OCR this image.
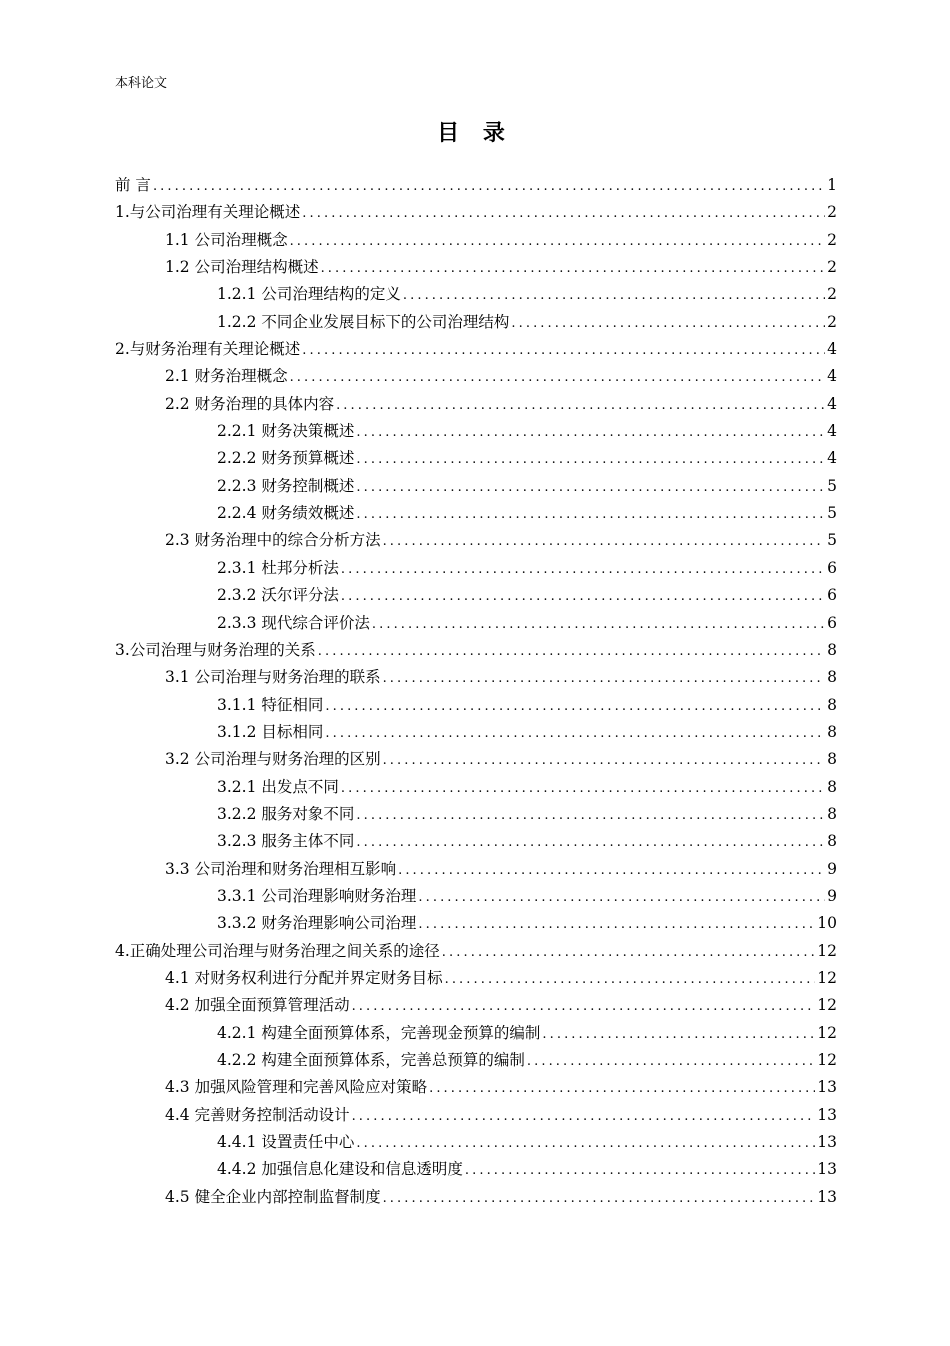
本科论文
目 录
前 言 .....	1
1.与公司治理有关理论概述 .....	2
1.1 公司治理概念 .....	2
1.2 公司治理结构概述 .....	2
1.2.1 公司治理结构的定义 .....	2
1.2.2 不同企业发展目标下的公司治理结构 .....	2
2.与财务治理有关理论概述 .....	4
2.1 财务治理概念 .....	4
2.2 财务治理的具体内容 .....	4
2.2.1 财务决策概述 .....	4
2.2.2 财务预算概述 .....	4
2.2.3 财务控制概述 .....	5
2.2.4 财务绩效概述 .....	5
2.3 财务治理中的综合分析方法 .....	5
2.3.1 杜邦分析法 .....	6
2.3.2 沃尔评分法 .....	6
2.3.3 现代综合评价法 .....	6
3.公司治理与财务治理的关系 .....	8
3.1 公司治理与财务治理的联系 .....	8
3.1.1 特征相同 .....	8
3.1.2 目标相同 .....	8
3.2 公司治理与财务治理的区别 .....	8
3.2.1 出发点不同 .....	8
3.2.2 服务对象不同 .....	8
3.2.3 服务主体不同 .....	8
3.3 公司治理和财务治理相互影响 .....	9
3.3.1 公司治理影响财务治理 .....	9
3.3.2 财务治理影响公司治理 .....	10
4.正确处理公司治理与财务治理之间关系的途径 .....	12
4.1 对财务权利进行分配并界定财务目标 .....	12
4.2 加强全面预算管理活动 .....	12
4.2.1 构建全面预算体系，完善现金预算的编制 .....	12
4.2.2 构建全面预算体系，完善总预算的编制 .....	12
4.3 加强风险管理和完善风险应对策略 .....	13
4.4 完善财务控制活动设计 .....	13
4.4.1 设置责任中心 .....	13
4.4.2 加强信息化建设和信息透明度 .....	13
4.5 健全企业内部控制监督制度 .....	13
